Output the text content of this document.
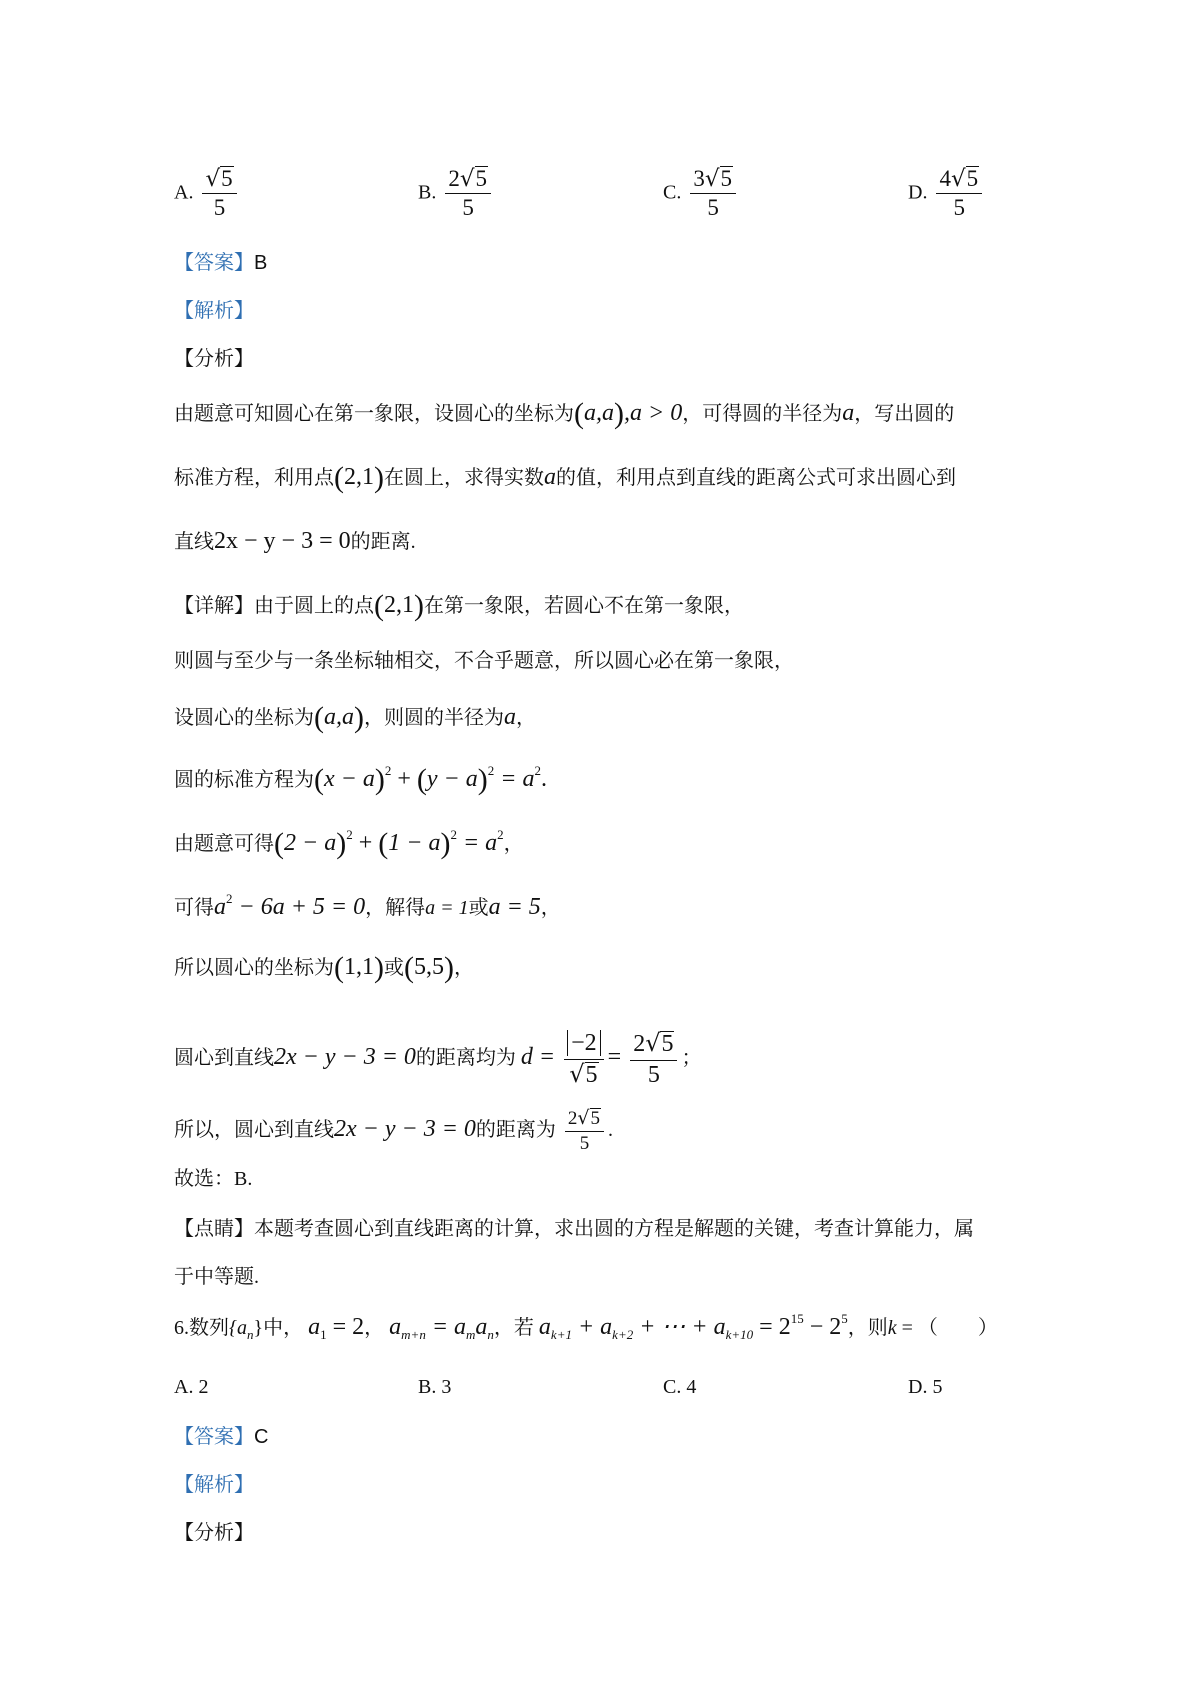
A. $\frac{√5}{5}$	B. $\frac{2√5}{5}$	C. $\frac{3√5}{5}$	D. $\frac{4√5}{5}$
【答案】B
【解析】
【分析】
由题意可知圆心在第一象限，设圆心的坐标为(a,a),a > 0，可得圆的半径为a，写出圆的
标准方程，利用点(2,1)在圆上，求得实数a的值，利用点到直线的距离公式可求出圆心到
直线2x − y − 3 = 0的距离.
【详解】由于圆上的点(2,1)在第一象限，若圆心不在第一象限，
则圆与至少与一条坐标轴相交，不合乎题意，所以圆心必在第一象限，
设圆心的坐标为(a,a)，则圆的半径为a，
圆的标准方程为$(x - a)^2 + (y - a)^2 = a^2$.
由题意可得$(2 - a)^2 + (1 - a)^2 = a^2$，
可得$a^2 - 6a + 5 = 0$，解得a = 1或a = 5，
所以圆心的坐标为(1,1)或(5,5)，
圆心到直线2x − y − 3 = 0的距离均为 $d = \frac{-2}{√5} = \frac{2√5}{5}$ ；
所以，圆心到直线2x − y − 3 = 0的距离为 $\frac{2√5}{5}$ .
故选：B.
【点睛】本题考查圆心到直线距离的计算，求出圆的方程是解题的关键，考查计算能力，属
于中等题.
6.数列$\{a_n\}$中， $a_1 = 2$， $a_{m+n} = a_ma_n$，若 $a_{k+1} + a_{k+2}$ + ⋯ + $a_{k+10} = 2^{15} - 2^5$，则k = （　　）
A. 2	B. 3	C. 4	D. 5
【答案】C
【解析】
【分析】
